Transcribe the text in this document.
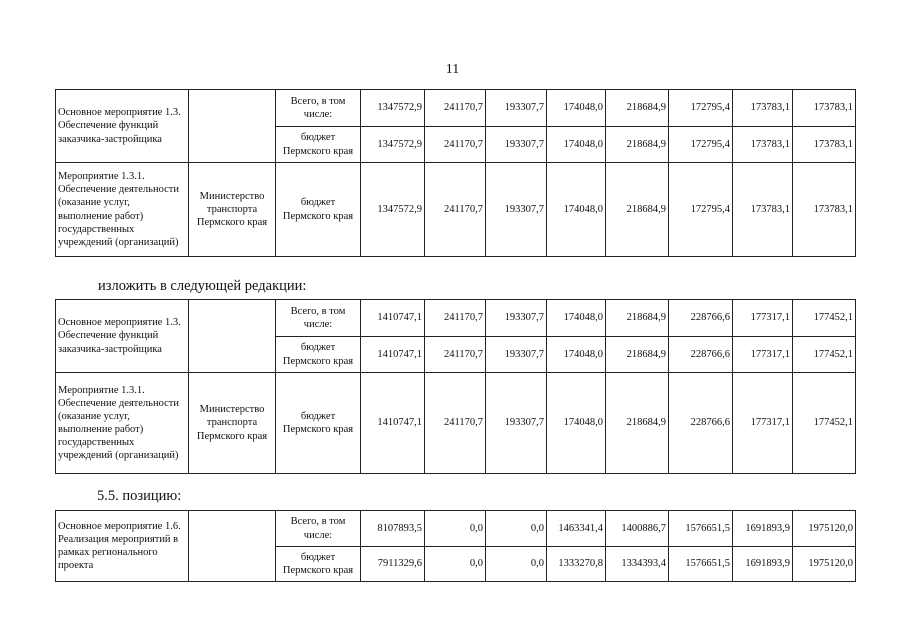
11
Основное мероприятие 1.3. Обеспечение функций заказчика-застройщика		Всего, в том числе:	1347572,9	241170,7	193307,7	174048,0	218684,9	172795,4	173783,1	173783,1
		бюджет Пермского края	1347572,9	241170,7	193307,7	174048,0	218684,9	172795,4	173783,1	173783,1
Мероприятие 1.3.1. Обеспечение деятельности (оказание услуг, выполнение работ) государственных учреждений (организаций)	Министерство транспорта Пермского края	бюджет Пермского края	1347572,9	241170,7	193307,7	174048,0	218684,9	172795,4	173783,1	173783,1
изложить в следующей редакции:
Основное мероприятие 1.3. Обеспечение функций заказчика-застройщика		Всего, в том числе:	1410747,1	241170,7	193307,7	174048,0	218684,9	228766,6	177317,1	177452,1
		бюджет Пермского края	1410747,1	241170,7	193307,7	174048,0	218684,9	228766,6	177317,1	177452,1
Мероприятие 1.3.1. Обеспечение деятельности (оказание услуг, выполнение работ) государственных учреждений (организаций)	Министерство транспорта Пермского края	бюджет Пермского края	1410747,1	241170,7	193307,7	174048,0	218684,9	228766,6	177317,1	177452,1
5.5. позицию:
Основное мероприятие 1.6. Реализация мероприятий в рамках регионального проекта		Всего, в том числе:	8107893,5	0,0	0,0	1463341,4	1400886,7	1576651,5	1691893,9	1975120,0
		бюджет Пермского края	7911329,6	0,0	0,0	1333270,8	1334393,4	1576651,5	1691893,9	1975120,0
